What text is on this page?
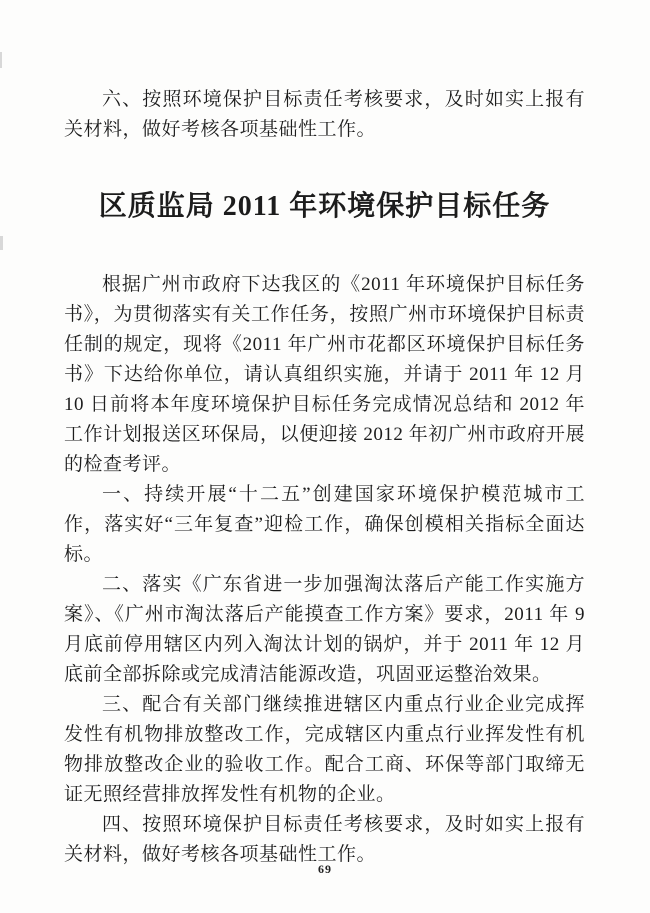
六、按照环境保护目标责任考核要求，及时如实上报有关材料，做好考核各项基础性工作。

区质监局 2011 年环境保护目标任务

根据广州市政府下达我区的《2011 年环境保护目标任务书》，为贯彻落实有关工作任务，按照广州市环境保护目标责任制的规定，现将《2011 年广州市花都区环境保护目标任务书》下达给你单位，请认真组织实施，并请于 2011 年 12 月 10 日前将本年度环境保护目标任务完成情况总结和 2012 年工作计划报送区环保局，以便迎接 2012 年初广州市政府开展的检查考评。

一、持续开展“十二五”创建国家环境保护模范城市工作，落实好“三年复查”迎检工作，确保创模相关指标全面达标。

二、落实《广东省进一步加强淘汰落后产能工作实施方案》、《广州市淘汰落后产能摸查工作方案》要求，2011 年 9 月底前停用辖区内列入淘汰计划的锅炉，并于 2011 年 12 月底前全部拆除或完成清洁能源改造，巩固亚运整治效果。

三、配合有关部门继续推进辖区内重点行业企业完成挥发性有机物排放整改工作，完成辖区内重点行业挥发性有机物排放整改企业的验收工作。配合工商、环保等部门取缔无证无照经营排放挥发性有机物的企业。

四、按照环境保护目标责任考核要求，及时如实上报有关材料，做好考核各项基础性工作。

69
